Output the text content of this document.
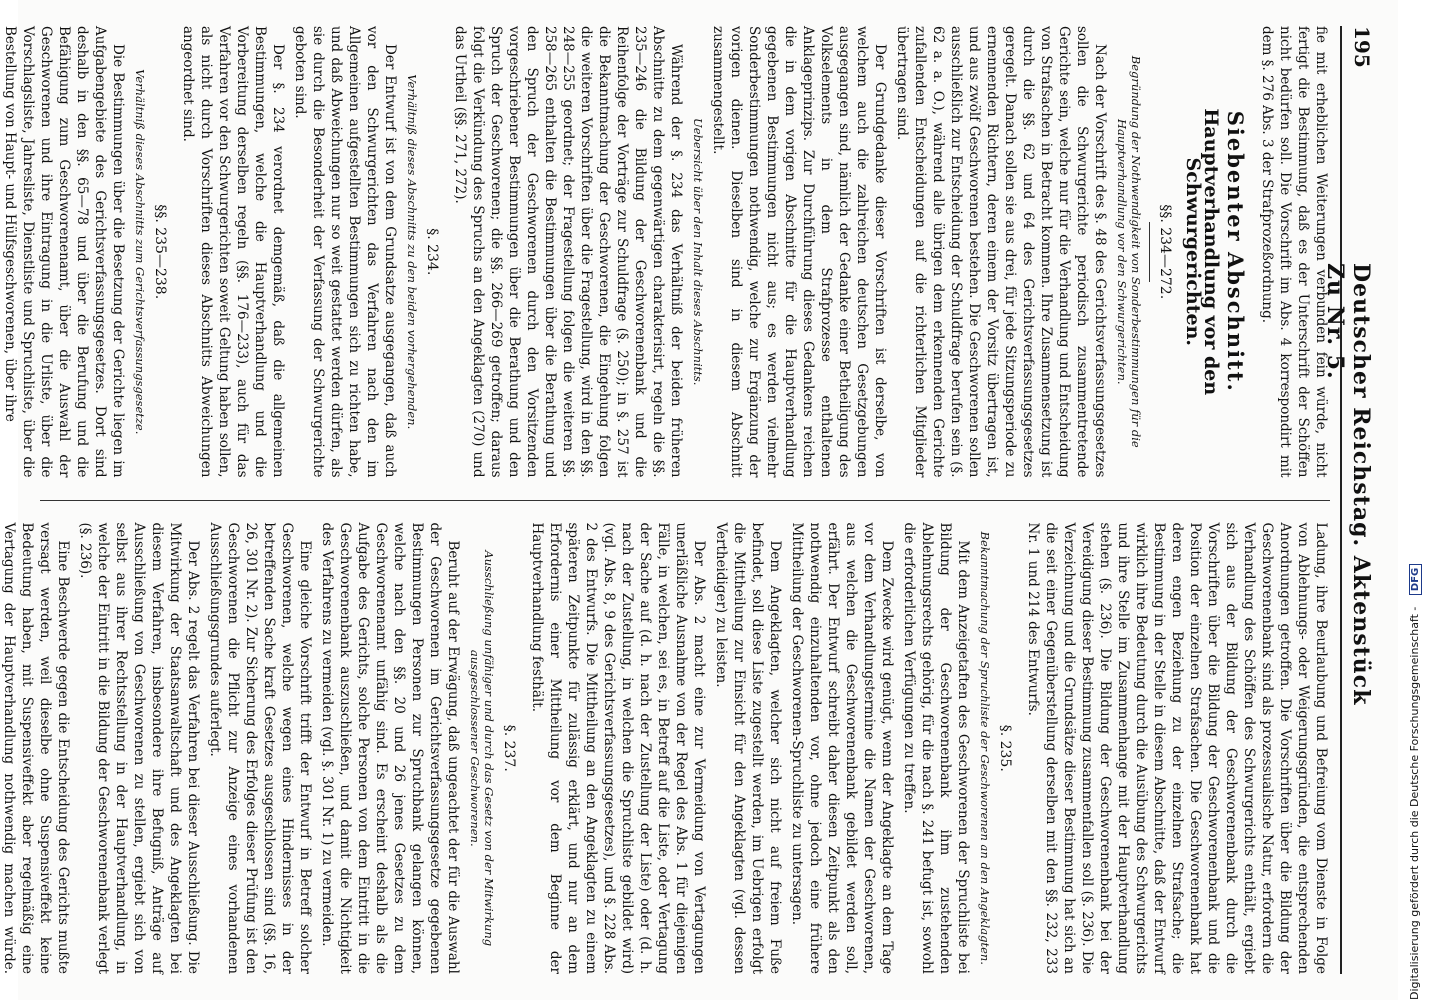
195
Deutscher Reichstag. Aktenstück Zu Nr. 5.

fie mit erheblichen Weiterungen verbunden fein würde, nicht fertigt die Bestimmung, daß es der Unterschrift der Schöffen nicht bedürfen soll. Die Vorschrift im Abs. 4 korrespondirt mit dem §. 276 Abs. 3 der Strafprozeßordnung.

Siebenter Abschnitt.
Hauptverhandlung vor den Schwurgerichten.

§§. 234—272.

Begründung der Nothwendigkeit von Sonderbestimmungen für die Hauptverhandlung vor den Schwurgerichten.

Nach der Vorschrift des §. 48 des Gerichtsverfassungsgesetzes sollen die Schwurgerichte periodisch zusammentretende Gerichte sein, welche nur für die Verhandlung und Entscheidung von Strafsachen in Betracht kommen. Ihre Zusammensetzung ist durch die §§. 62 und 64 des Gerichtsverfassungsgesetzes geregelt. Danach sollen sie aus drei, für jede Sitzungsperiode zu ernennenden Richtern, deren einem der Vorsitz übertragen ist, und aus zwölf Geschworenen bestehen. Die Geschworenen sollen ausschließlich zur Entscheidung der Schuldfrage berufen sein (§. 62 a. a. O.), während alle übrigen dem erkennenden Gerichte zufallenden Entscheidungen auf die richterlichen Mitglieder übertragen sind.

Der Grundgedanke dieser Vorschriften ist derselbe, von welchem auch die zahlreichen deutschen Gesetzgebungen ausgegangen sind, nämlich der Gedanke einer Betheiligung des Volkselements in dem Strafprozesse enthaltenen Anklageprinzips. Zur Durchführung dieses Gedankens reichen die in dem vorigen Abschnitte für die Hauptverhandlung gegebenen Bestimmungen nicht aus; es werden vielmehr Sonderbestimmungen nothwendig, welche zur Ergänzung der vorigen dienen. Dieselben sind in diesem Abschnitt zusammengestellt.

Uebersicht über den Inhalt dieses Abschnitts.

Während der §. 234 das Verhältniß der beiden früheren Abschnitte zu dem gegenwärtigen charakterisirt, regeln die §§. 235—246 die Bildung der Geschworenenbank und die Reihenfolge der Vorträge zur Schuldfrage (§. 250); in §. 257 ist die Bekanntmachung der Geschworenen, die Eingehung folgen die weiteren Vorschriften über die Fragestellung, wird in den §§. 248—255 geordnet; der Fragestellung folgen die weiteren §§. 258—265 enthalten die Bestimmungen über die Berathung und den Spruch der Geschworenen durch den Vorsitzenden vorgeschriebener Bestimmungen über die Berathung und den Spruch der Geschworenen; die §§. 266—269 getroffen; daraus folgt die Verkündung des Spruchs an den Angeklagten (270) und das Urtheil (§§. 271, 272).

§. 234.

Verhältniß dieses Abschnitts zu den beiden vorhergehenden.

Der Entwurf ist von dem Grundsatze ausgegangen, daß auch vor den Schwurgerichten das Verfahren nach den im Allgemeinen aufgestellten Bestimmungen sich zu richten habe, und daß Abweichungen nur so weit gestattet werden dürfen, als sie durch die Besonderheit der Verfassung der Schwurgerichte geboten sind.

Der §. 234 verordnet demgemäß, daß die allgemeinen Bestimmungen, welche die Hauptverhandlung und die Vorbereitung derselben regeln (§§. 176—233), auch für das Verfahren vor den Schwurgerichten soweit Geltung haben sollen, als nicht durch Vorschriften dieses Abschnitts Abweichungen angeordnet sind.

§§. 235—238.

Verhältniß dieses Abschnitts zum Gerichtsverfassungsgesetze.

Die Bestimmungen über die Besetzung der Gerichte liegen im Aufgabengebiete des Gerichtsverfassungsgesetzes. Dort sind deshalb in den §§. 65—78 und über die Berufung und die Befähigung zum Geschworenenamt, über die Auswahl der Geschworenen und ihre Eintragung in die Urliste, über die Vorschlagsliste, Jahresliste, Dienstliste und Spruchliste, über die Bestellung von Haupt- und Hülfsgeschworenen, über ihre

Ladung, ihre Beurlaubung und Befreiung vom Dienste in Folge von Ablehnungs- oder Weigerungsgründen, die entsprechenden Anordnungen getroffen. Die Vorschriften über die Bildung der Geschworenenbank sind als prozessualische Natur, erfordern die Verhandlung des Schöffen des Schwurgerichts enthält, ergiebt sich aus der Bildung der Geschworenenbank durch die Vorschriften über die Bildung der Geschworenenbank und die Position der einzelnen Strafsachen. Die Geschworenenbank hat deren engen Beziehung zu der einzelnen Strafsache; die Bestimmung in der Stelle in diesem Abschnitte, daß der Entwurf wirklich ihre Bedeutung durch die Ausübung des Schwurgerichts und ihre Stelle im Zusammenhange mit der Hauptverhandlung stehen (§. 236). Die Bildung der Geschworenenbank bei der Vereidigung dieser Bestimmung zusammenfallen soll (§. 236). Die Verzeichnung und die Grundsätze dieser Bestimmung hat sich an die seit einer Gegenüberstellung derselben mit den §§. 232, 233 Nr. 1 und 214 des Entwurfs.

§. 235.

Bekanntmachung der Spruchliste der Geschworenen an den Angeklagten.

Mit dem Anzeigetaften des Geschworenen der Spruchliste bei Bildung der Geschworenenbank ihm zustehenden Ablehnungsrechts gehörig, für die nach §. 241 befugt ist, sowohl die erforderlichen Verfügungen zu treffen.

Dem Zwecke wird genügt, wenn der Angeklagte an dem Tage vor dem Verhandlungstermine die Namen der Geschworenen, aus welchen die Geschworenenbank gebildet werden soll, erfährt. Der Entwurf schreibt daher diesen Zeitpunkt als den nothwendig einzuhaltenden vor, ohne jedoch eine frühere Mittheilung der Geschworenen-Spruchliste zu untersagen.

Dem Angeklagten, welcher sich nicht auf freiem Fuße befindet, soll diese Liste zugestellt werden, im Uebrigen erfolgt die Mittheilung zur Einsicht für den Angeklagten (vgl. dessen Vertheidiger) zu leisten.

Der Abs. 2 macht eine zur Vermeidung von Vertagungen unerläßliche Ausnahme von der Regel des Abs. 1 für diejenigen Fälle, in welchen, sei es, in Betreff auf die Liste, oder Vertagung der Sache auf (d. h. nach der Zustellung der Liste) oder (d. h. nach der Zustellung, in welchen die Spruchliste gebildet wird) (vgl. Abs. 8, 9 des Gerichtsverfassungsgesetzes), und §. 228 Abs. 2 des Entwurfs. Die Mittheilung an den Angeklagten zu einem späteren Zeitpunkte für zulässig erklärt, und nur an dem Erfordernis einer Mittheilung vor dem Beginne der Hauptverhandlung festhält.

§. 237.

Ausschließung unfähiger und durch das Gesetz von der Mitwirkung ausgeschlossener Geschworenen.

Beruht auf der Erwägung, daß ungeachtet der für die Auswahl der Geschworenen im Gerichtsverfassungsgesetze gegebenen Bestimmungen Personen zur Spruchbank gelangen können, welche nach den §§. 20 und 26 jenes Gesetzes zu dem Geschworenenamt unfähig sind. Es erscheint deshalb als die Aufgabe des Gerichts, solche Personen von dem Eintritt in die Geschworenenbank auszuschließen, und damit die Nichtigkeit des Verfahrens zu vermeiden (vgl. §. 301 Nr. 1) zu vermeiden.

Eine gleiche Vorschrift trifft der Entwurf in Betreff solcher Geschworenen, welche wegen eines Hindernisses in der betreffenden Sache kraft Gesetzes ausgeschlossen sind (§§. 16, 26, 301 Nr. 2). Zur Sicherung des Erfolges dieser Prüfung ist den Geschworenen die Pflicht zur Anzeige eines vorhandenen Ausschließungsgrundes auferlegt.

Der Abs. 2 regelt das Verfahren bei dieser Ausschließung. Die Mitwirkung der Staatsanwaltschaft und des Angeklagten bei diesem Verfahren, insbesondere ihre Befugniß, Anträge auf Ausschließung von Geschworenen zu stellen, ergiebt sich von selbst aus ihrer Rechtsstellung in der Hauptverhandlung, in welche der Eintritt in die Bildung der Geschworenenbank verlegt (§. 236).

Eine Beschwerde gegen die Entscheidung des Gerichts mußte versagt werden, weil dieselbe ohne Suspensiveffekt keine Bedeutung haben, mit Suspensiveffekt aber regelmäßig eine Vertagung der Hauptverhandlung nothwendig machen würde.	Digitalisierung gefördert durch die Deutsche Forschungsgemeinschaft - DFG
